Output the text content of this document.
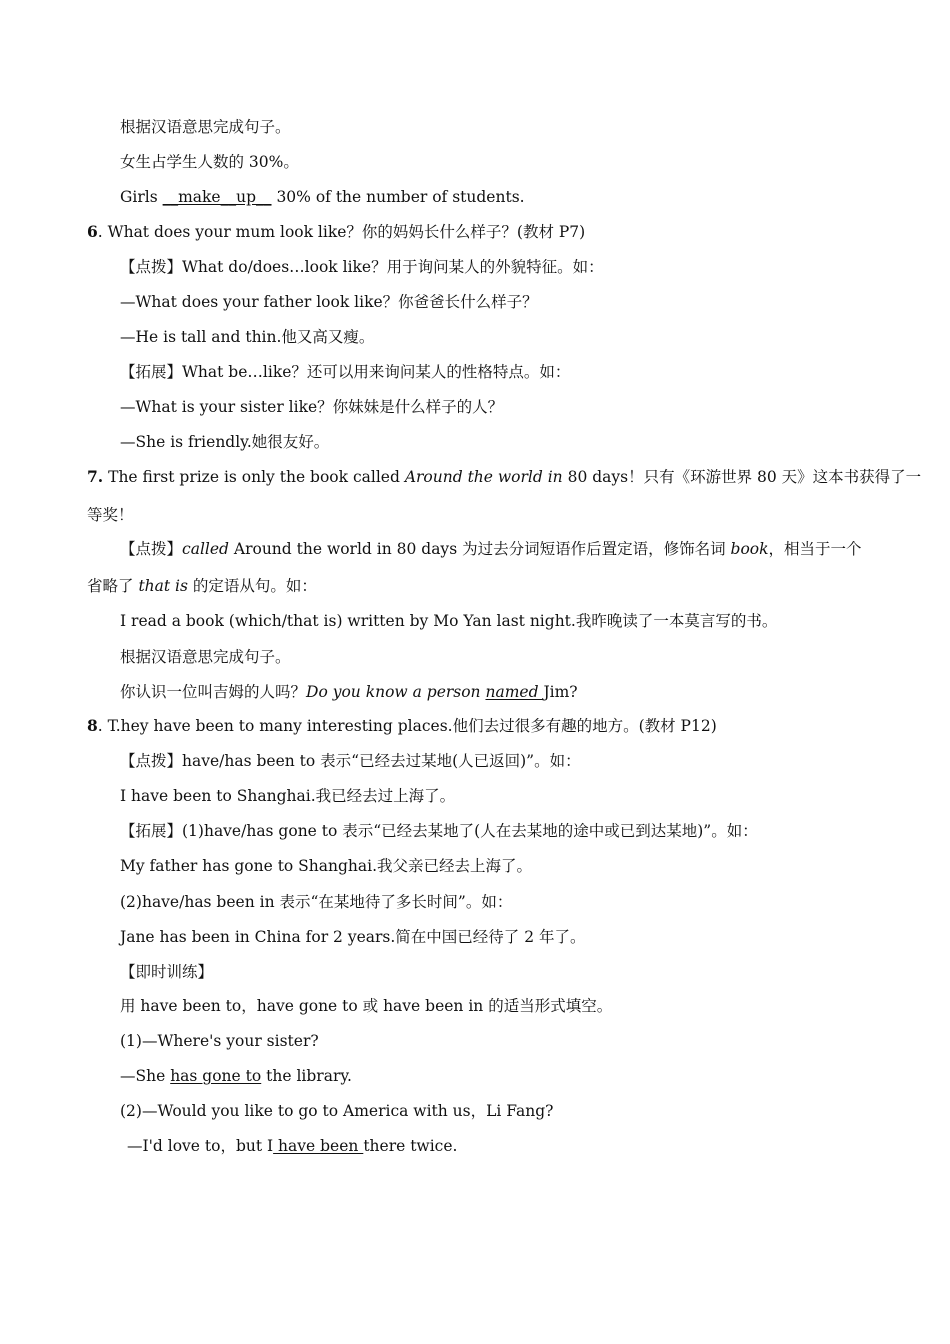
根据汉语意思完成句子。
女生占学生人数的 30%。
Girls __make__up__ 30% of the number of students.
6. What does your mum look like？你的妈妈长什么样子？(教材 P7)
【点拨】What do/does…look like？用于询问某人的外貌特征。如：
—What does your father look like？你爸爸长什么样子？
—He is tall and thin.他又高又瘦。
【拓展】What be…like？还可以用来询问某人的性格特点。如：
—What is your sister like？你妹妹是什么样子的人？
—She is friendly.她很友好。
7. The first prize is only the book called Around the world in 80 days！只有《环游世界 80 天》这本书获得了一
等奖！
【点拨】called Around the world in 80 days 为过去分词短语作后置定语，修饰名词 book，相当于一个
省略了 that is 的定语从句。如：
I read a book (which/that is) written by Mo Yan last night.我昨晚读了一本莫言写的书。
根据汉语意思完成句子。
你认识一位叫吉姆的人吗？Do you know a person named Jim?
8. T.hey have been to many interesting places.他们去过很多有趣的地方。(教材 P12)
【点拨】have/has been to 表示“已经去过某地(人已返回)”。如：
I have been to Shanghai.我已经去过上海了。
【拓展】(1)have/has gone to 表示“已经去某地了(人在去某地的途中或已到达某地)”。如：
My father has gone to Shanghai.我父亲已经去上海了。
(2)have/has been in 表示“在某地待了多长时间”。如：
Jane has been in China for 2 years.简在中国已经待了 2 年了。
【即时训练】
用 have been to，have gone to 或 have been in 的适当形式填空。
(1)—Where's your sister?
—She has gone to the library.
(2)—Would you like to go to America with us，Li Fang?
—I'd love to，but I have been there twice.
